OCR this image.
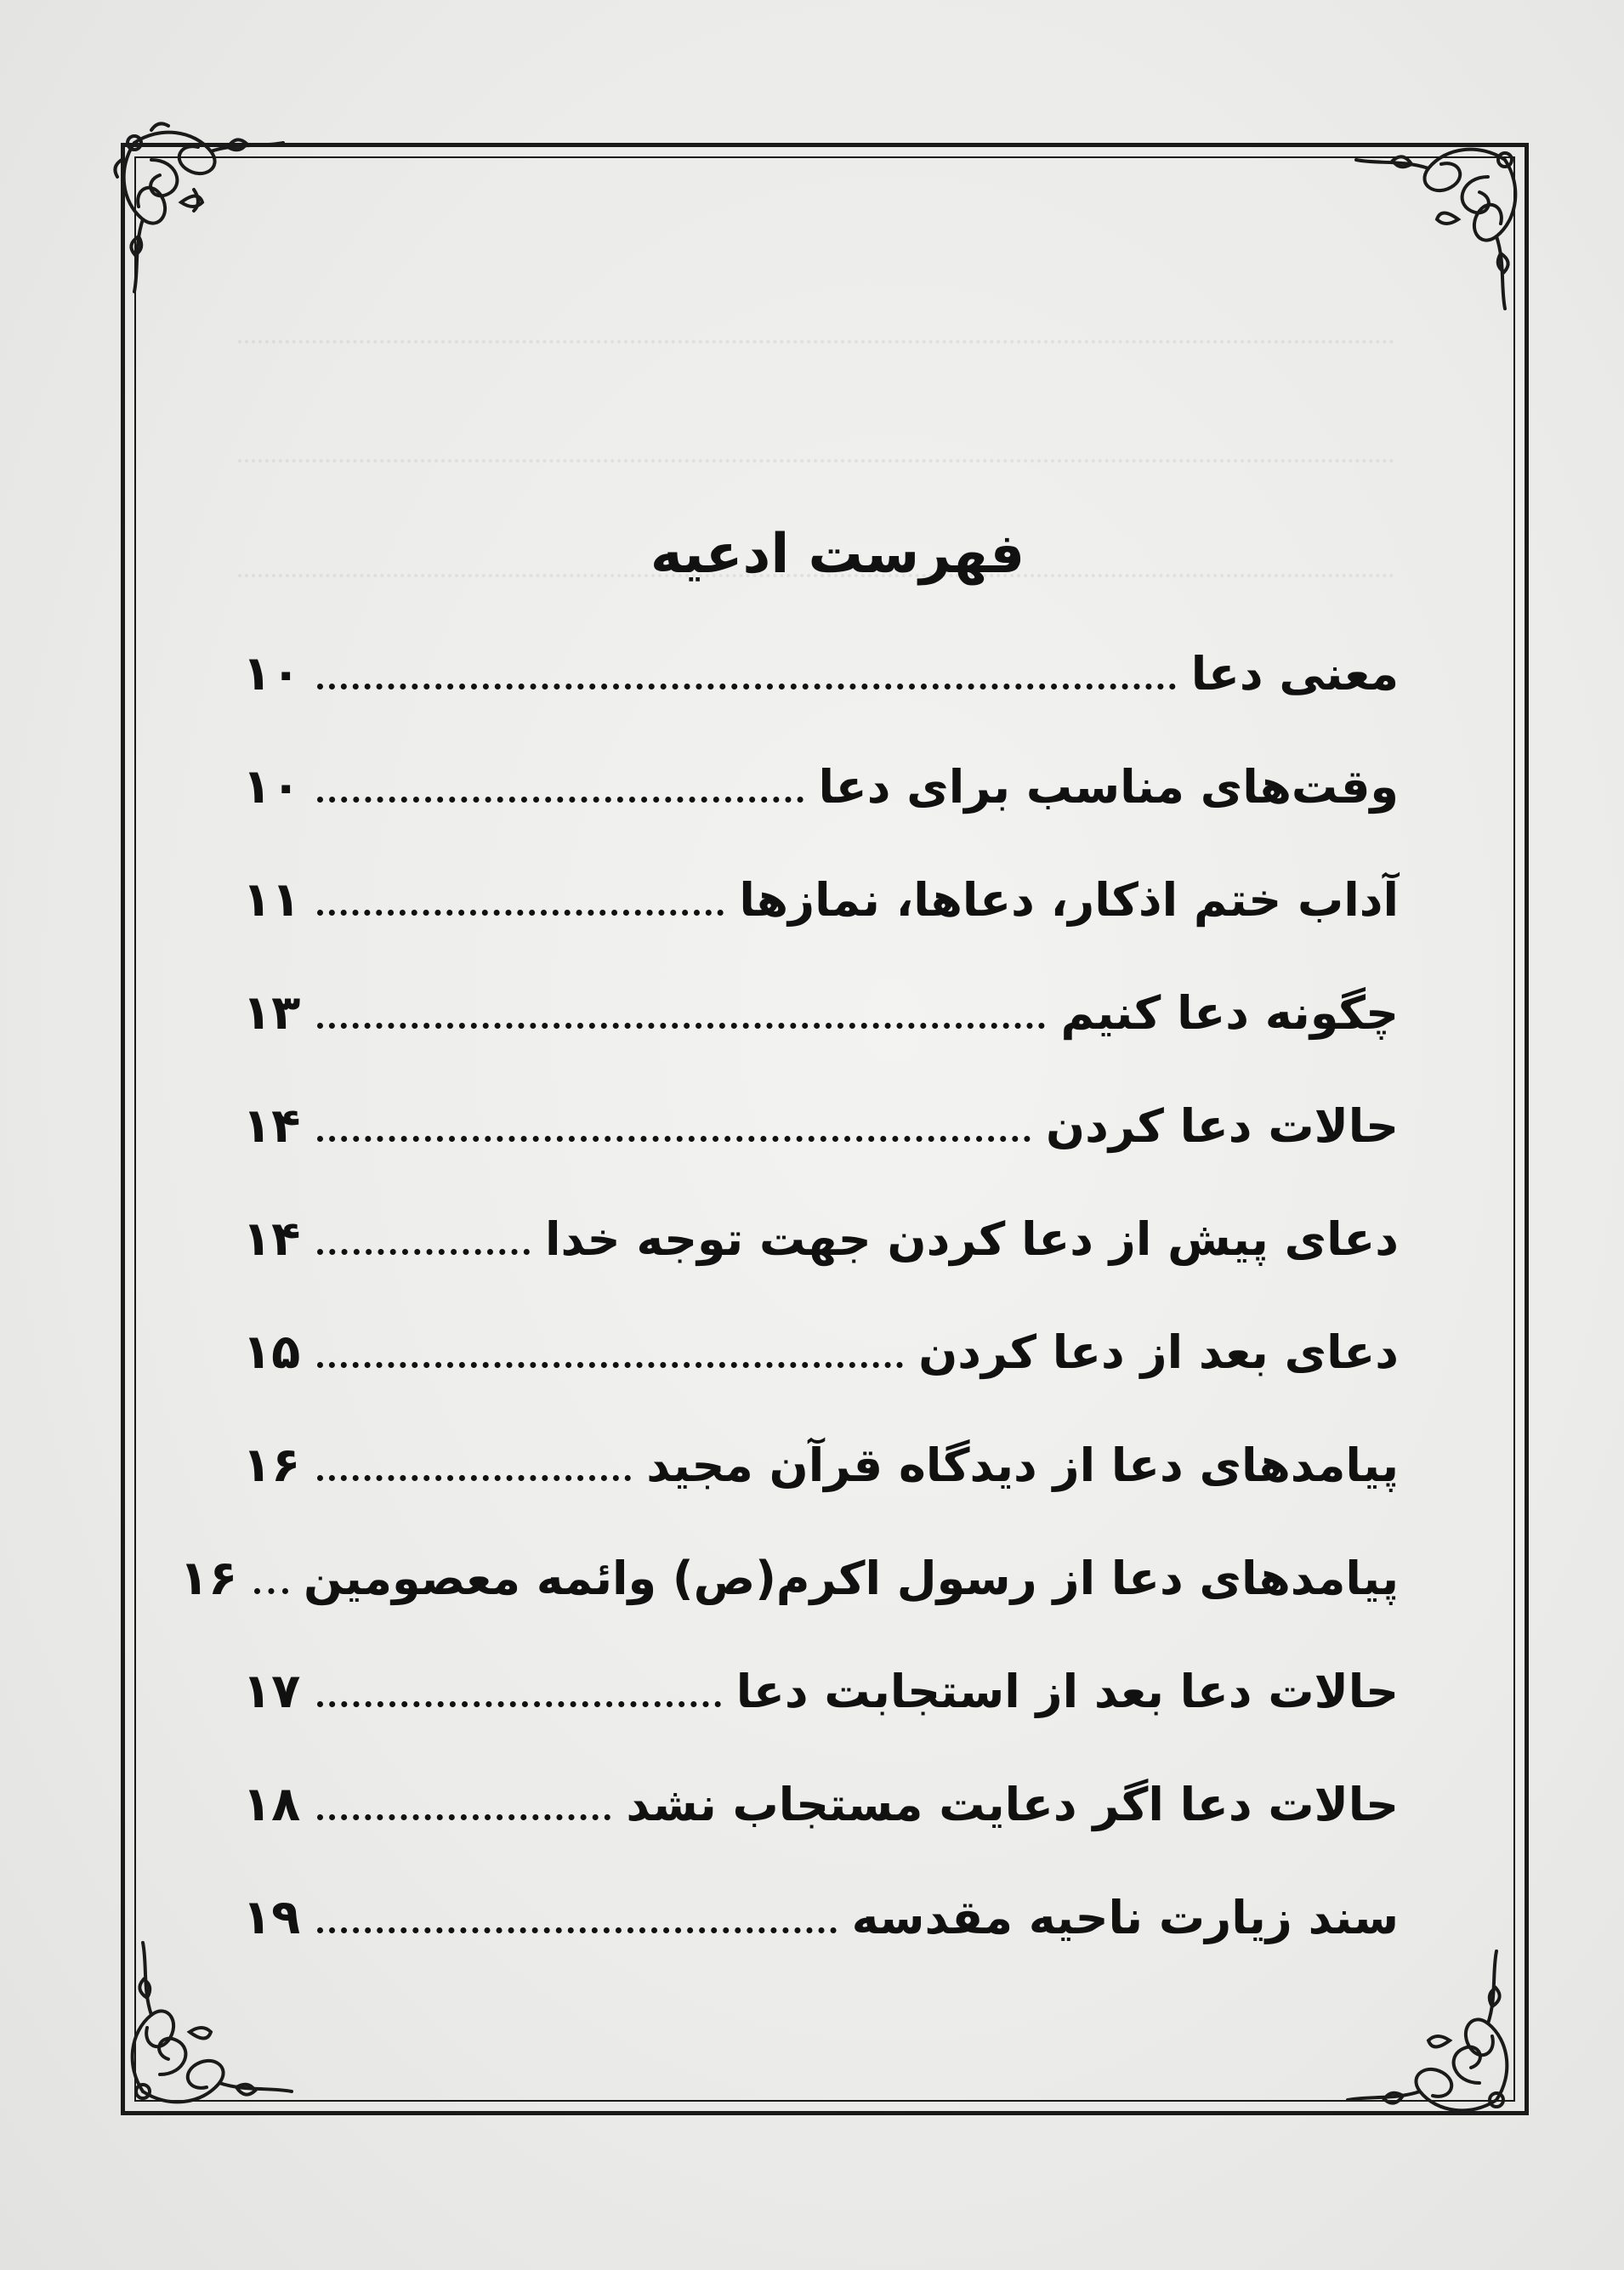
فهرست ادعیه
معنی دعا
۱۰
وقت‌های مناسب برای دعا
۱۰
آداب ختم اذکار، دعاها، نمازها
۱۱
چگونه دعا کنیم
۱۳
حالات دعا کردن
۱۴
دعای پیش از دعا کردن جهت توجه خدا
۱۴
دعای بعد از دعا کردن
۱۵
پیامدهای دعا از دیدگاه قرآن مجید
۱۶
پیامدهای دعا از رسول اکرم(ص) وائمه معصومین
۱۶
حالات دعا بعد از استجابت دعا
۱۷
حالات دعا اگر دعایت مستجاب نشد
۱۸
سند زیارت ناحیه مقدسه
۱۹
